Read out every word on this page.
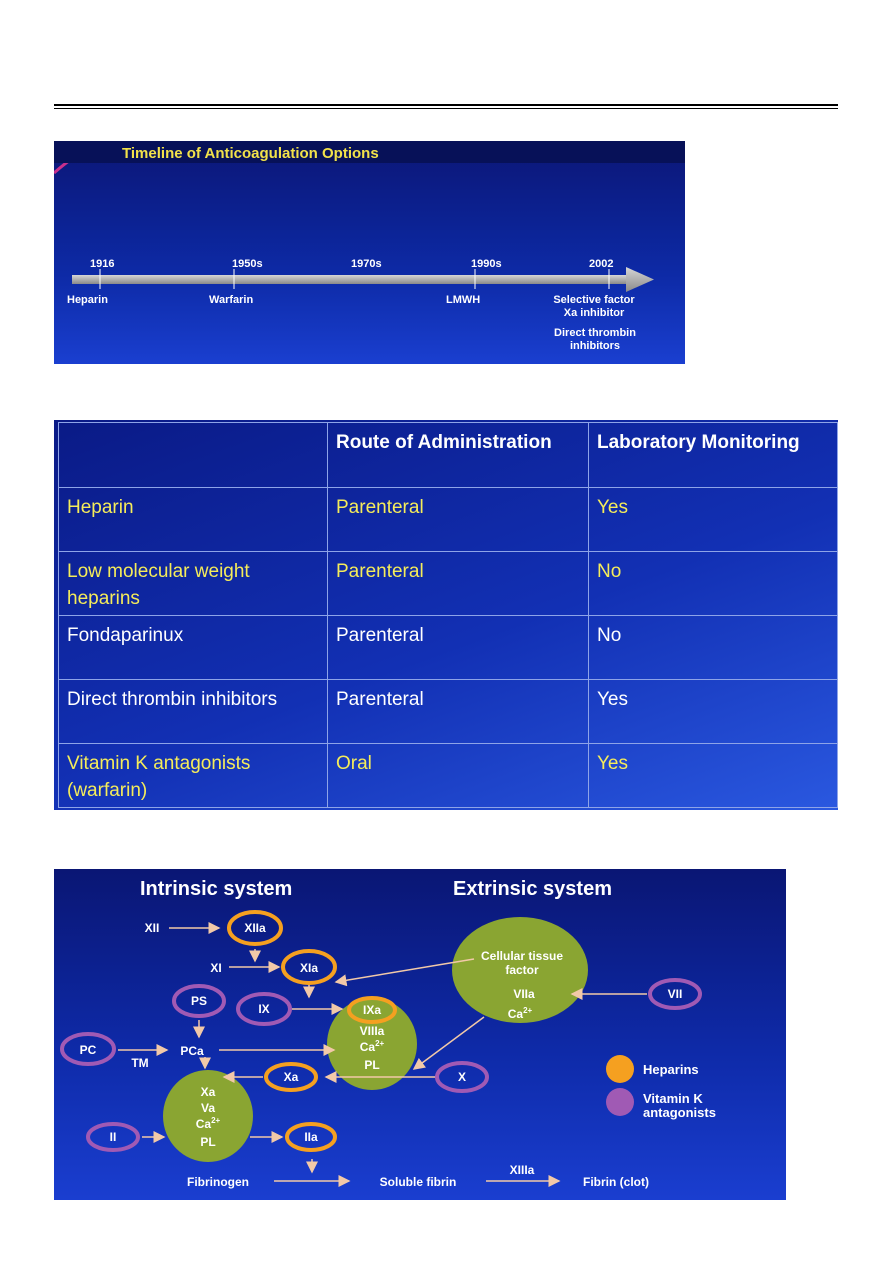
1916	1950s	1970s	1990s	2002
Heparin	Warfarin	LMWH	Selective factor
Xa inhibitor
Direct thrombin
inhibitors
Timeline of Anticoagulation Options
	Route of Administration	Laboratory Monitoring
Heparin	Parenteral	Yes
Low molecular weight heparins	Parenteral	No
Fondaparinux	Parenteral	No
Direct thrombin inhibitors	Parenteral	Yes
Vitamin K antagonists (warfarin)	Oral	Yes
Intrinsic system	Extrinsic system
XII	XIIa
XI	XIa
PS
IX
PC
TM
PCa
Xa	X
II	IIa
VII
Cellular tissue
factor
VIIa
$Ca^{2+}$
IXa
VIIIa
$Ca^{2+}$
PL
Xa
Va
$Ca^{2+}$
PL
Fibrinogen	Soluble fibrin
XIIIa
Fibrin (clot)
Heparins
Vitamin K
antagonists
